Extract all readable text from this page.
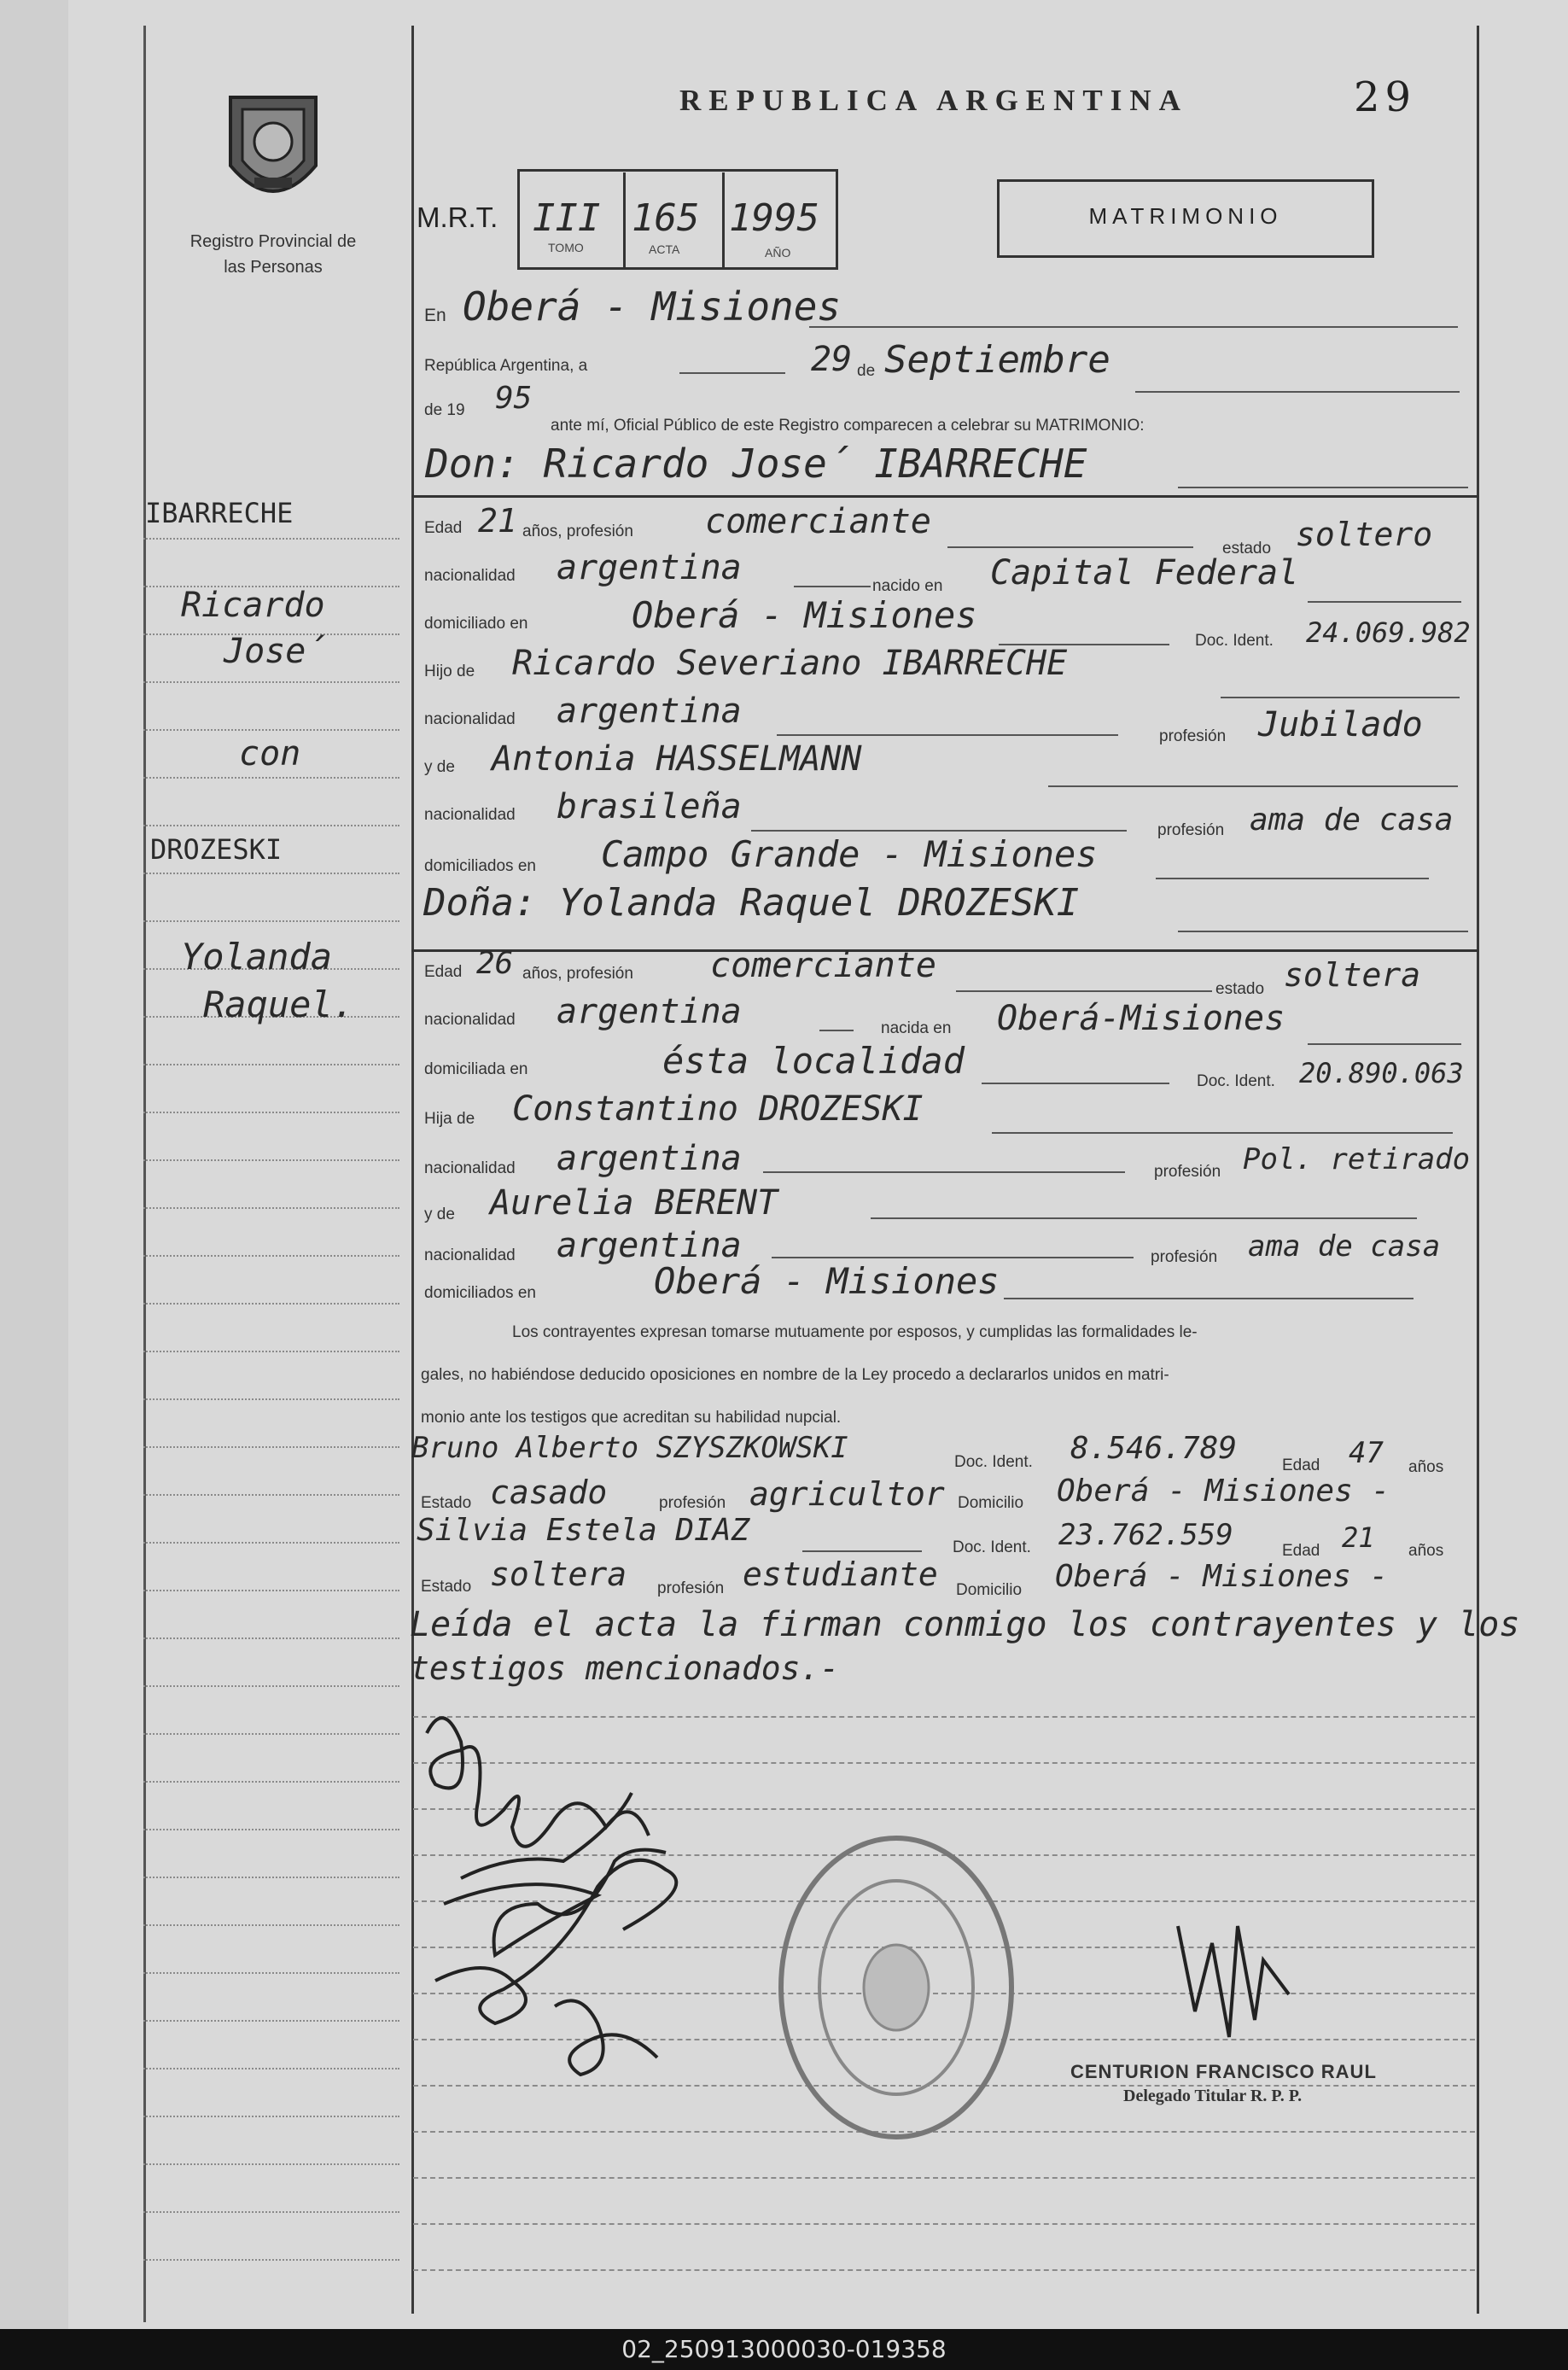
Registro Provincial de las Personas
29
REPUBLICA ARGENTINA
M.R.T. III 165 1995
TOMO	ACTA	AÑO
MATRIMONIO
En Oberá - Misiones
República Argentina, a	29 de Septiembre
de 19 95
ante mí, Oficial Público de este Registro comparecen a celebrar su MATRIMONIO:
Don: Ricardo Jose´ IBARRECHE
Edad 21 años, profesión comerciante
estado soltero
nacionalidad argentina	nacido en Capital Federal
domiciliado en	Oberá - Misiones
Doc. Ident. 24.069.982
Hijo de Ricardo Severiano IBARRECHE
nacionalidad argentina
profesión Jubilado
y de Antonia HASSELMANN
nacionalidad brasileña
profesión ama de casa
domiciliados en Campo Grande - Misiones
Doña: Yolanda Raquel DROZESKI
Edad 26 años, profesión comerciante
estado soltera
nacionalidad argentina	nacida en Oberá-Misiones
domiciliada en	ésta localidad	Doc. Ident. 20.890.063
Hija de Constantino DROZESKI
nacionalidad argentina	profesión Pol. retirado
y de Aurelia BERENT
nacionalidad argentina	profesión ama de casa
domiciliados en	Oberá - Misiones
Los contrayentes expresan tomarse mutuamente por esposos, y cumplidas las formalidades le-
gales, no habiéndose deducido oposiciones en nombre de la Ley procedo a declararlos unidos en matri-
monio ante los testigos que acreditan su habilidad nupcial.
Bruno Alberto SZYSZKOWSKI	Doc. Ident. 8.546.789	Edad 47 años
Estado casado	profesión agricultor Domicilio Oberá - Misiones -
Silvia Estela DIAZ	Doc. Ident. 23.762.559	Edad 21 años
Estado soltera profesión estudiante Domicilio Oberá - Misiones -
Leída el acta la firman conmigo los contrayentes y los
testigos mencionados.-
IBARRECHE
Ricardo
Jose´
con
DROZESKI
Yolanda
Raquel.
CENTURION FRANCISCO RAUL
Delegado Titular R. P. P.
02_250913000030-019358
